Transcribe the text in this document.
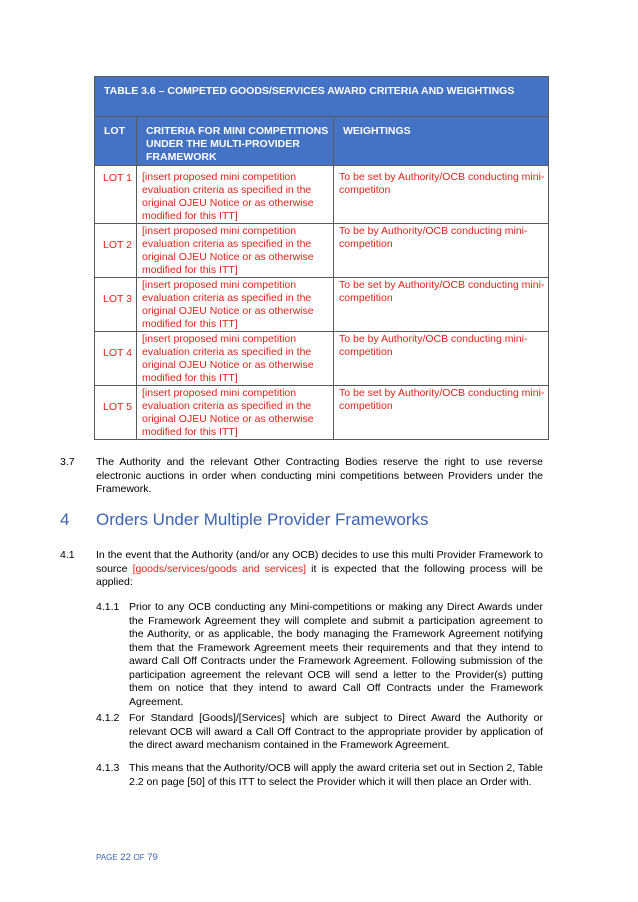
TABLE 3.6 – COMPETED GOODS/SERVICES AWARD CRITERIA AND WEIGHTINGS		
LOT	CRITERIA FOR MINI COMPETITIONS UNDER THE MULTI-PROVIDER FRAMEWORK	WEIGHTINGS
LOT 1	[insert proposed mini competition evaluation criteria as specified in the original OJEU Notice or as otherwise modified for this ITT]	To be set by Authority/OCB conducting mini-competiton
LOT 2	[insert proposed mini competition evaluation criteria as specified in the original OJEU Notice or as otherwise modified for this ITT]	To be by Authority/OCB conducting mini-competition
LOT 3	[insert proposed mini competition evaluation criteria as specified in the original OJEU Notice or as otherwise modified for this ITT]	To be set by Authority/OCB conducting mini-competition
LOT 4	[insert proposed mini competition evaluation criteria as specified in the original OJEU Notice or as otherwise modified for this ITT]	To be by Authority/OCB conducting mini-competition
LOT 5	[insert proposed mini competition evaluation criteria as specified in the original OJEU Notice or as otherwise modified for this ITT]	To be set by Authority/OCB conducting mini-competition
3.7 The Authority and the relevant Other Contracting Bodies reserve the right to use reverse electronic auctions in order when conducting mini competitions between Providers under the Framework.
4 Orders Under Multiple Provider Frameworks
4.1 In the event that the Authority (and/or any OCB) decides to use this multi Provider Framework to source [goods/services/goods and services] it is expected that the following process will be applied:
4.1.1 Prior to any OCB conducting any Mini-competitions or making any Direct Awards under the Framework Agreement they will complete and submit a participation agreement to the Authority, or as applicable, the body managing the Framework Agreement notifying them that the Framework Agreement meets their requirements and that they intend to award Call Off Contracts under the Framework Agreement. Following submission of the participation agreement the relevant OCB will send a letter to the Provider(s) putting them on notice that they intend to award Call Off Contracts under the Framework Agreement.
4.1.2 For Standard [Goods]/[Services] which are subject to Direct Award the Authority or relevant OCB will award a Call Off Contract to the appropriate provider by application of the direct award mechanism contained in the Framework Agreement.
4.1.3 This means that the Authority/OCB will apply the award criteria set out in Section 2, Table 2.2 on page [50] of this ITT to select the Provider which it will then place an Order with.
PAGE 22 OF 79
